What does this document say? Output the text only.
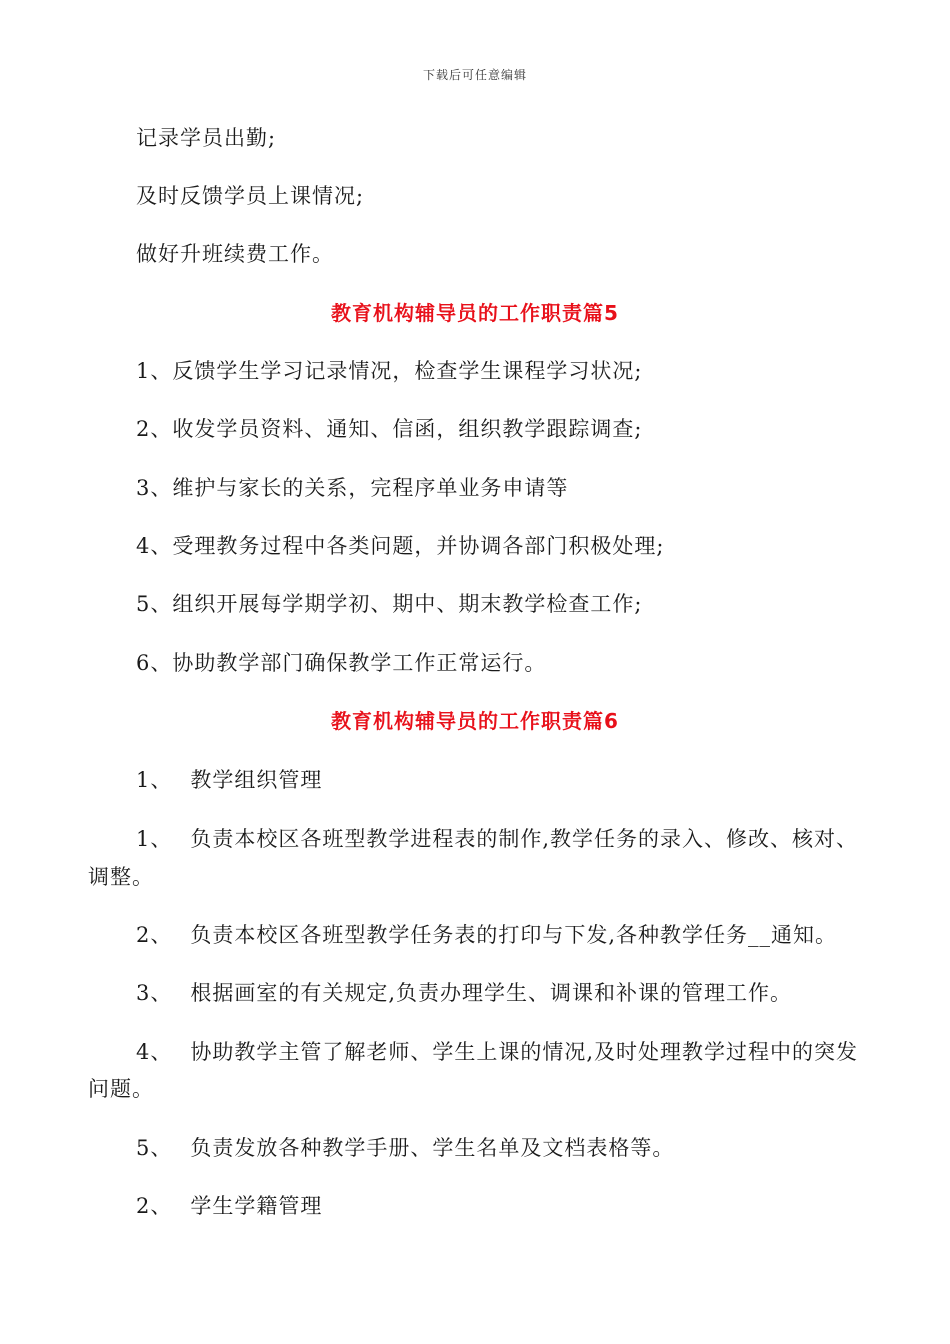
下载后可任意编辑
记录学员出勤;
及时反馈学员上课情况;
做好升班续费工作。
教育机构辅导员的工作职责篇5
1、反馈学生学习记录情况，检查学生课程学习状况;
2、收发学员资料、通知、信函，组织教学跟踪调查;
3、维护与家长的关系，完程序单业务申请等
4、受理教务过程中各类问题，并协调各部门积极处理;
5、组织开展每学期学初、期中、期末教学检查工作;
6、协助教学部门确保教学工作正常运行。
教育机构辅导员的工作职责篇6
1、 教学组织管理
1、 负责本校区各班型教学进程表的制作,教学任务的录入、修改、核对、
调整。
2、 负责本校区各班型教学任务表的打印与下发,各种教学任务__通知。
3、 根据画室的有关规定,负责办理学生、调课和补课的管理工作。
4、 协助教学主管了解老师、学生上课的情况,及时处理教学过程中的突发
问题。
5、 负责发放各种教学手册、学生名单及文档表格等。
2、 学生学籍管理
